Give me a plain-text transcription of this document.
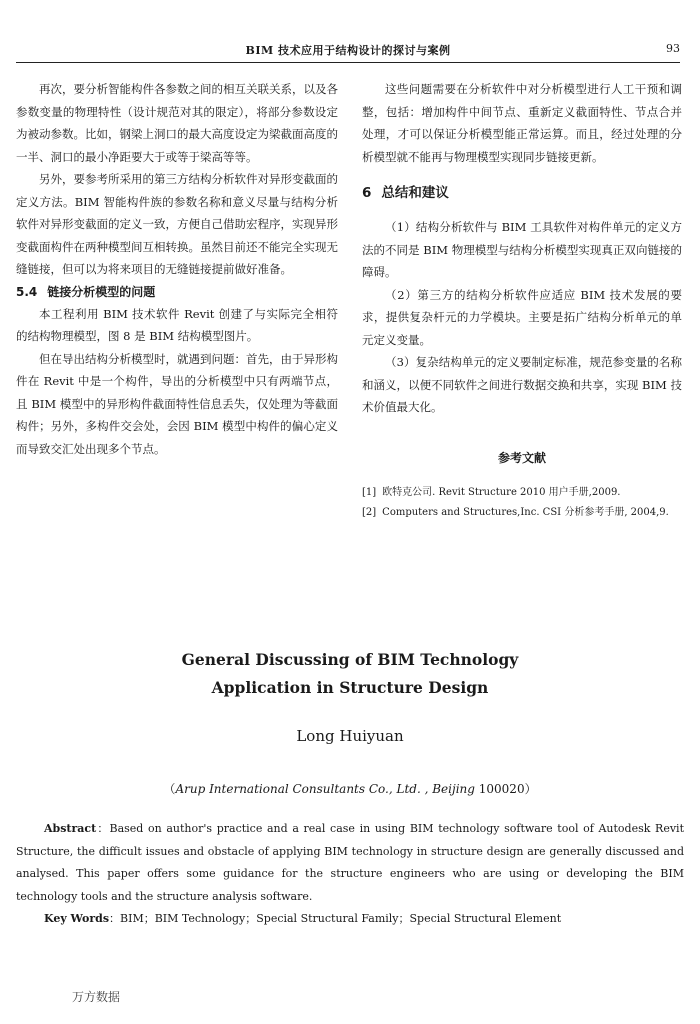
BIM 技术应用于结构设计的探讨与案例	93

再次，要分析智能构件各参数之间的相互关联关系，以及各参数变量的物理特性（设计规范对其的限定），将部分参数设定为被动参数。比如，钢梁上洞口的最大高度设定为梁截面高度的一半、洞口的最小净距要大于或等于梁高等等。

另外，要参考所采用的第三方结构分析软件对异形变截面的定义方法。BIM 智能构件族的参数名称和意义尽量与结构分析软件对异形变截面的定义一致，方便自己借助宏程序，实现异形变截面构件在两种模型间互相转换。虽然目前还不能完全实现无缝链接，但可以为将来项目的无缝链接提前做好准备。

5.4 链接分析模型的问题

本工程利用 BIM 技术软件 Revit 创建了与实际完全相符的结构物理模型，图 8 是 BIM 结构模型图片。

但在导出结构分析模型时，就遇到问题：首先，由于异形构件在 Revit 中是一个构件，导出的分析模型中只有两端节点，且 BIM 模型中的异形构件截面特性信息丢失，仅处理为等截面构件；另外，多构件交会处，会因 BIM 模型中构件的偏心定义而导致交汇处出现多个节点。

这些问题需要在分析软件中对分析模型进行人工干预和调整，包括：增加构件中间节点、重新定义截面特性、节点合并处理，才可以保证分析模型能正常运算。而且，经过处理的分析模型就不能再与物理模型实现同步链接更新。

6 总结和建议

（1）结构分析软件与 BIM 工具软件对构件单元的定义方法的不同是 BIM 物理模型与结构分析模型实现真正双向链接的障碍。

（2）第三方的结构分析软件应适应 BIM 技术发展的要求，提供复杂杆元的力学模块。主要是拓广结构分析单元的单元定义变量。

（3）复杂结构单元的定义要制定标准，规范参变量的名称和涵义，以便不同软件之间进行数据交换和共享，实现 BIM 技术价值最大化。

参考文献
[1] 欧特克公司. Revit Structure 2010 用户手册,2009.
[2] Computers and Structures,Inc. CSI 分析参考手册, 2004,9.
General Discussing of BIM Technology
Application in Structure Design
Long Huiyuan
（Arup International Consultants Co., Ltd. , Beijing 100020）

Abstract：Based on author's practice and a real case in using BIM technology software tool of Autodesk Revit Structure, the difficult issues and obstacle of applying BIM technology in structure design are generally discussed and analysed. This paper offers some guidance for the structure engineers who are using or developing the BIM technology tools and the structure analysis software.

Key Words：BIM；BIM Technology；Special Structural Family；Special Structural Element

万方数据
